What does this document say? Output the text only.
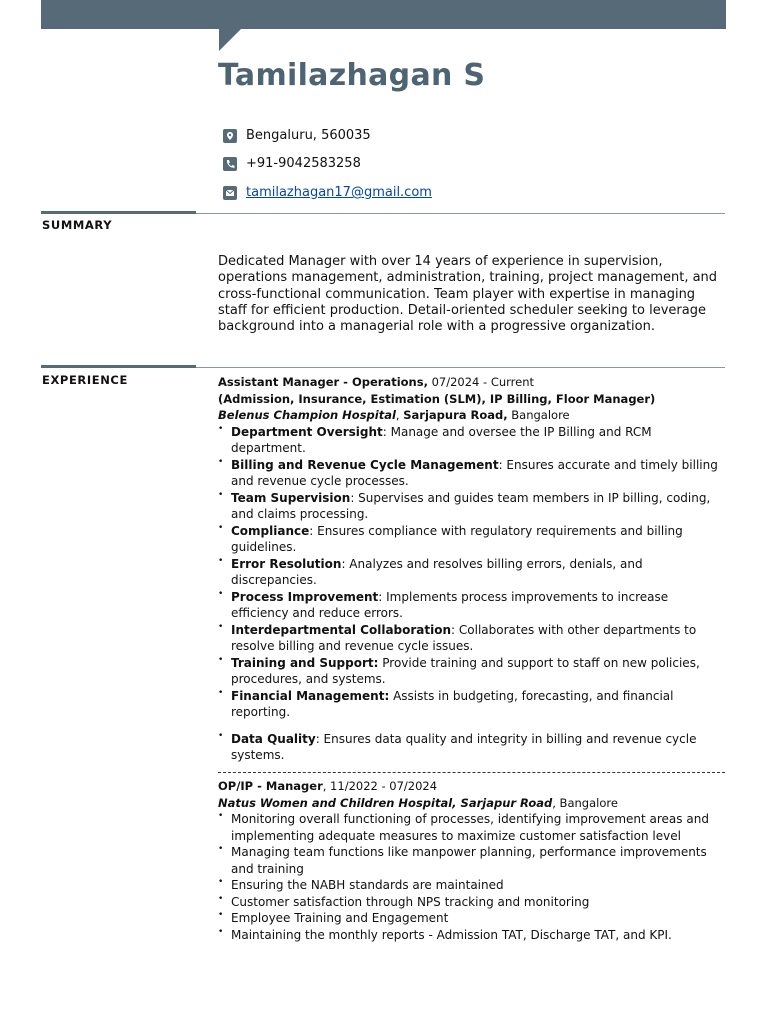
Tamilazhagan S
Bengaluru, 560035
+91-9042583258
tamilazhagan17@gmail.com
SUMMARY
Dedicated Manager with over 14 years of experience in supervision, operations management, administration, training, project management, and cross-functional communication. Team player with expertise in managing staff for efficient production. Detail-oriented scheduler seeking to leverage background into a managerial role with a progressive organization.
EXPERIENCE	Assistant Manager - Operations, 07/2024 - Current
(Admission, Insurance, Estimation (SLM), IP Billing, Floor Manager)
Belenus Champion Hospital, Sarjapura Road, Bangalore
• Department Oversight: Manage and oversee the IP Billing and RCM department.
• Billing and Revenue Cycle Management: Ensures accurate and timely billing and revenue cycle processes.
• Team Supervision: Supervises and guides team members in IP billing, coding, and claims processing.
• Compliance: Ensures compliance with regulatory requirements and billing guidelines.
• Error Resolution: Analyzes and resolves billing errors, denials, and discrepancies.
• Process Improvement: Implements process improvements to increase efficiency and reduce errors.
• Interdepartmental Collaboration: Collaborates with other departments to resolve billing and revenue cycle issues.
• Training and Support: Provide training and support to staff on new policies, procedures, and systems.
• Financial Management: Assists in budgeting, forecasting, and financial reporting.
• Data Quality: Ensures data quality and integrity in billing and revenue cycle systems.
OP/IP - Manager, 11/2022 - 07/2024
Natus Women and Children Hospital, Sarjapur Road, Bangalore
• Monitoring overall functioning of processes, identifying improvement areas and implementing adequate measures to maximize customer satisfaction level
• Managing team functions like manpower planning, performance improvements and training
• Ensuring the NABH standards are maintained
• Customer satisfaction through NPS tracking and monitoring
• Employee Training and Engagement
• Maintaining the monthly reports - Admission TAT, Discharge TAT, and KPI.
